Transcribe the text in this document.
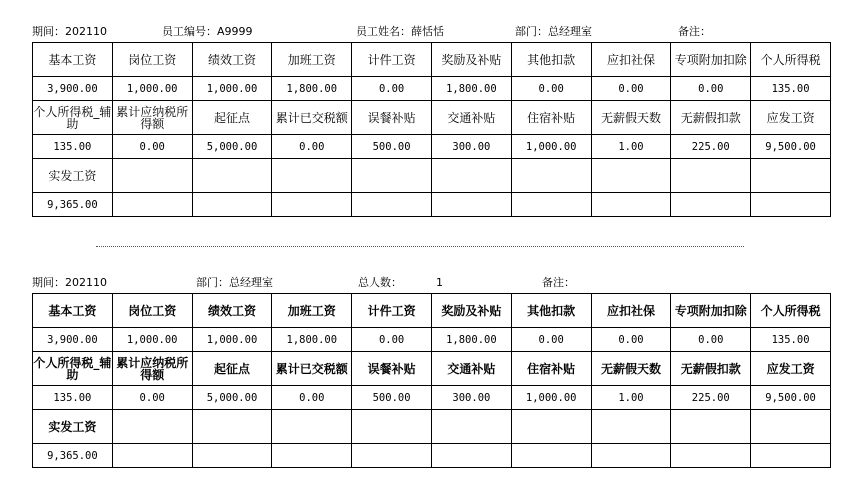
期间：202110	员工编号：A9999	员工姓名：薛恬恬	部门：总经理室	备注：
基本工资	岗位工资	绩效工资	加班工资	计件工资	奖励及补贴	其他扣款	应扣社保	专项附加扣除	个人所得税
3,900.00	1,000.00	1,000.00	1,800.00	0.00	1,800.00	0.00	0.00	0.00	135.00
个人所得税_辅助	累计应纳税所得额	起征点	累计已交税额	误餐补贴	交通补贴	住宿补贴	无薪假天数	无薪假扣款	应发工资
135.00	0.00	5,000.00	0.00	500.00	300.00	1,000.00	1.00	225.00	9,500.00
实发工资									
9,365.00									
期间：202110	部门：总经理室	总人数：	1	备注：
基本工资	岗位工资	绩效工资	加班工资	计件工资	奖励及补贴	其他扣款	应扣社保	专项附加扣除	个人所得税
3,900.00	1,000.00	1,000.00	1,800.00	0.00	1,800.00	0.00	0.00	0.00	135.00
个人所得税_辅助	累计应纳税所得额	起征点	累计已交税额	误餐补贴	交通补贴	住宿补贴	无薪假天数	无薪假扣款	应发工资
135.00	0.00	5,000.00	0.00	500.00	300.00	1,000.00	1.00	225.00	9,500.00
实发工资									
9,365.00									
